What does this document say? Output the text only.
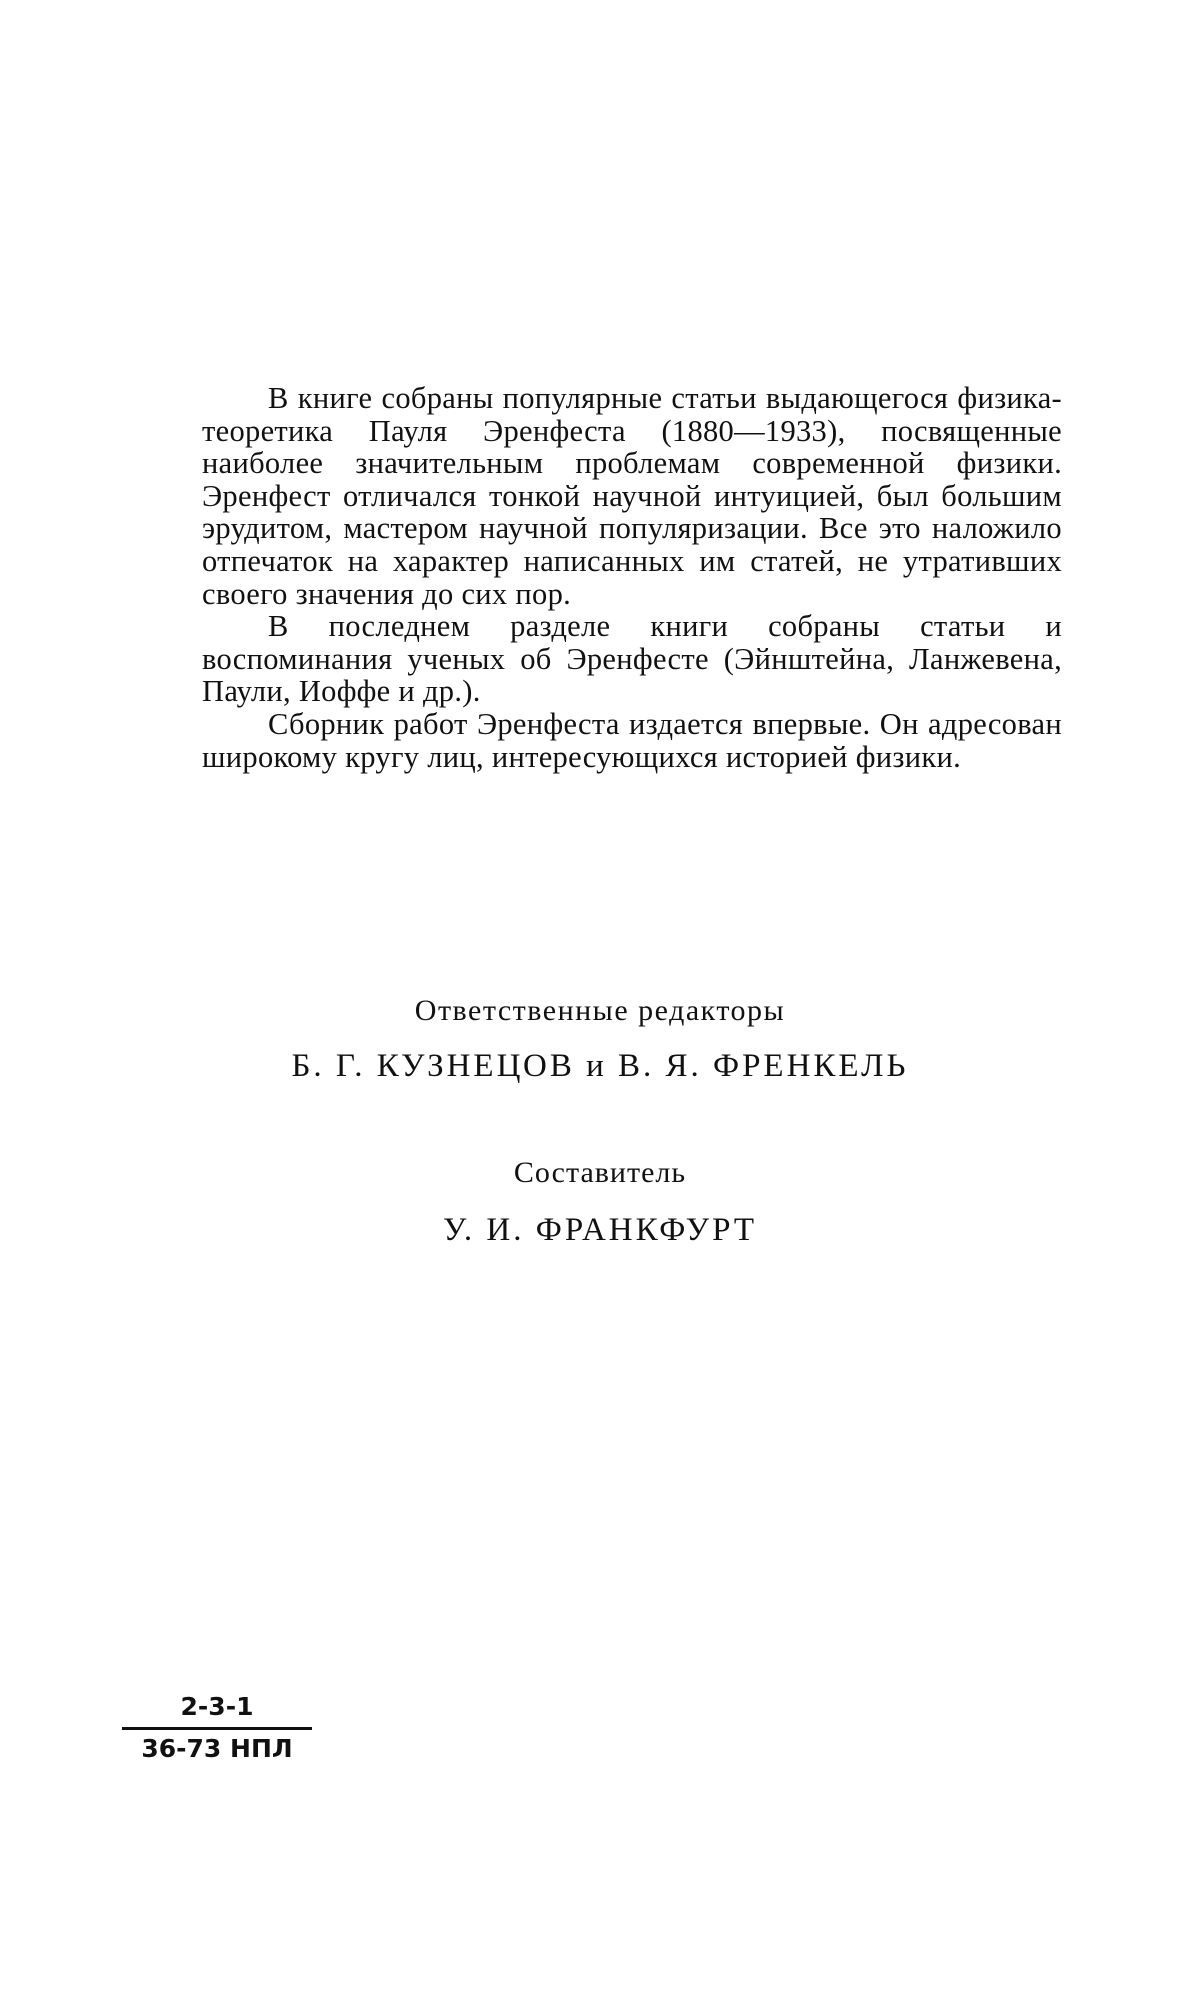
В книге собраны популярные статьи выдающегося физика-теоретика Пауля Эренфеста (1880—1933), посвященные наиболее значительным проблемам современной физики. Эренфест отличался тонкой научной интуицией, был большим эрудитом, мастером научной популяризации. Все это наложило отпечаток на характер написанных им статей, не утративших своего значения до сих пор.

В последнем разделе книги собраны статьи и воспоминания ученых об Эренфесте (Эйнштейна, Ланжевена, Паули, Иоффе и др.).

Сборник работ Эренфеста издается впервые. Он адресован широкому кругу лиц, интересующихся историей физики.

Ответственные редакторы
Б. Г. КУЗНЕЦОВ и В. Я. ФРЕНКЕЛЬ
Составитель
У. И. ФРАНКФУРТ
2-3-1
36-73 НПЛ
